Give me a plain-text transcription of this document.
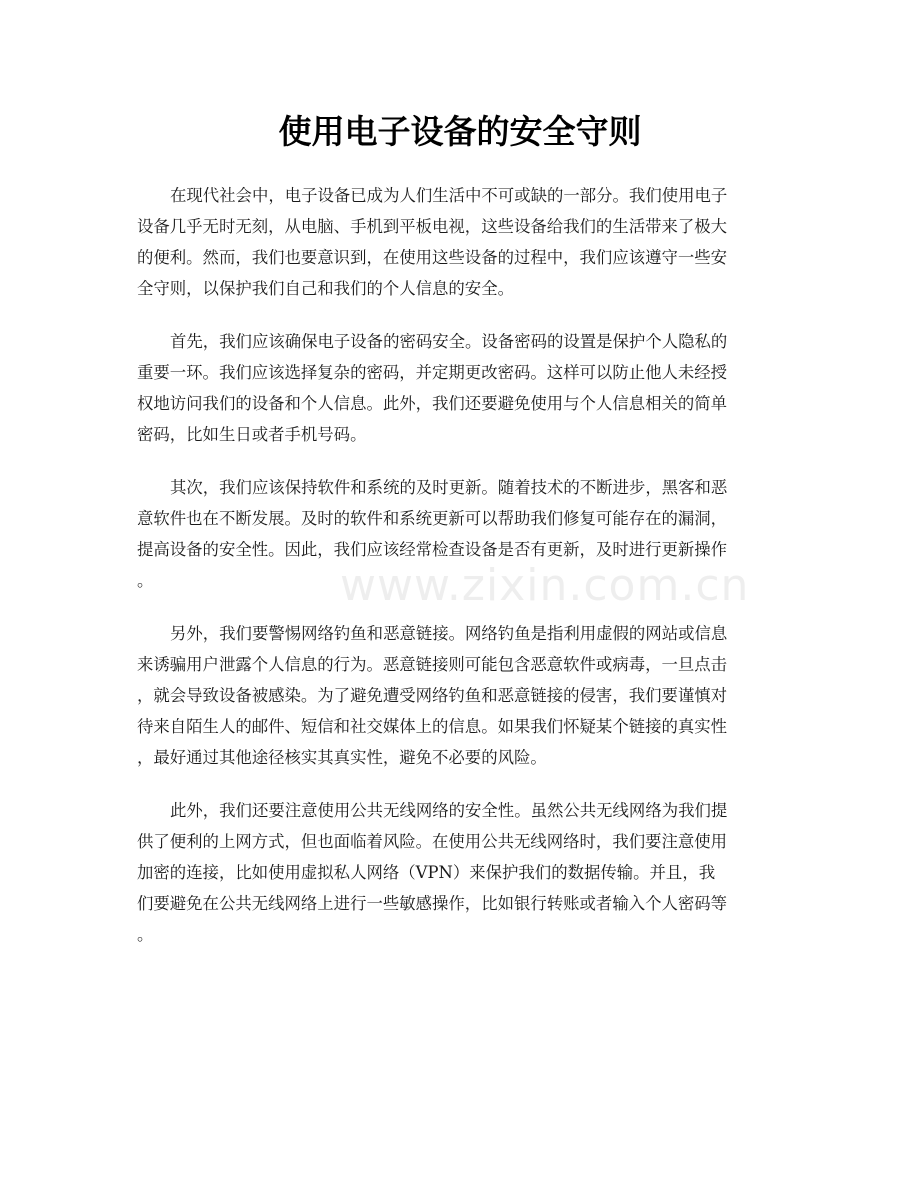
使用电子设备的安全守则
www.zixin.com.cn

在现代社会中，电子设备已成为人们生活中不可或缺的一部分。我们使用电子
设备几乎无时无刻，从电脑、手机到平板电视，这些设备给我们的生活带来了极大
的便利。然而，我们也要意识到，在使用这些设备的过程中，我们应该遵守一些安
全守则，以保护我们自己和我们的个人信息的安全。

首先，我们应该确保电子设备的密码安全。设备密码的设置是保护个人隐私的
重要一环。我们应该选择复杂的密码，并定期更改密码。这样可以防止他人未经授
权地访问我们的设备和个人信息。此外，我们还要避免使用与个人信息相关的简单
密码，比如生日或者手机号码。

其次，我们应该保持软件和系统的及时更新。随着技术的不断进步，黑客和恶
意软件也在不断发展。及时的软件和系统更新可以帮助我们修复可能存在的漏洞，
提高设备的安全性。因此，我们应该经常检查设备是否有更新，及时进行更新操作
。

另外，我们要警惕网络钓鱼和恶意链接。网络钓鱼是指利用虚假的网站或信息
来诱骗用户泄露个人信息的行为。恶意链接则可能包含恶意软件或病毒，一旦点击
，就会导致设备被感染。为了避免遭受网络钓鱼和恶意链接的侵害，我们要谨慎对
待来自陌生人的邮件、短信和社交媒体上的信息。如果我们怀疑某个链接的真实性
，最好通过其他途径核实其真实性，避免不必要的风险。

此外，我们还要注意使用公共无线网络的安全性。虽然公共无线网络为我们提
供了便利的上网方式，但也面临着风险。在使用公共无线网络时，我们要注意使用
加密的连接，比如使用虚拟私人网络（VPN）来保护我们的数据传输。并且，我
们要避免在公共无线网络上进行一些敏感操作，比如银行转账或者输入个人密码等
。
